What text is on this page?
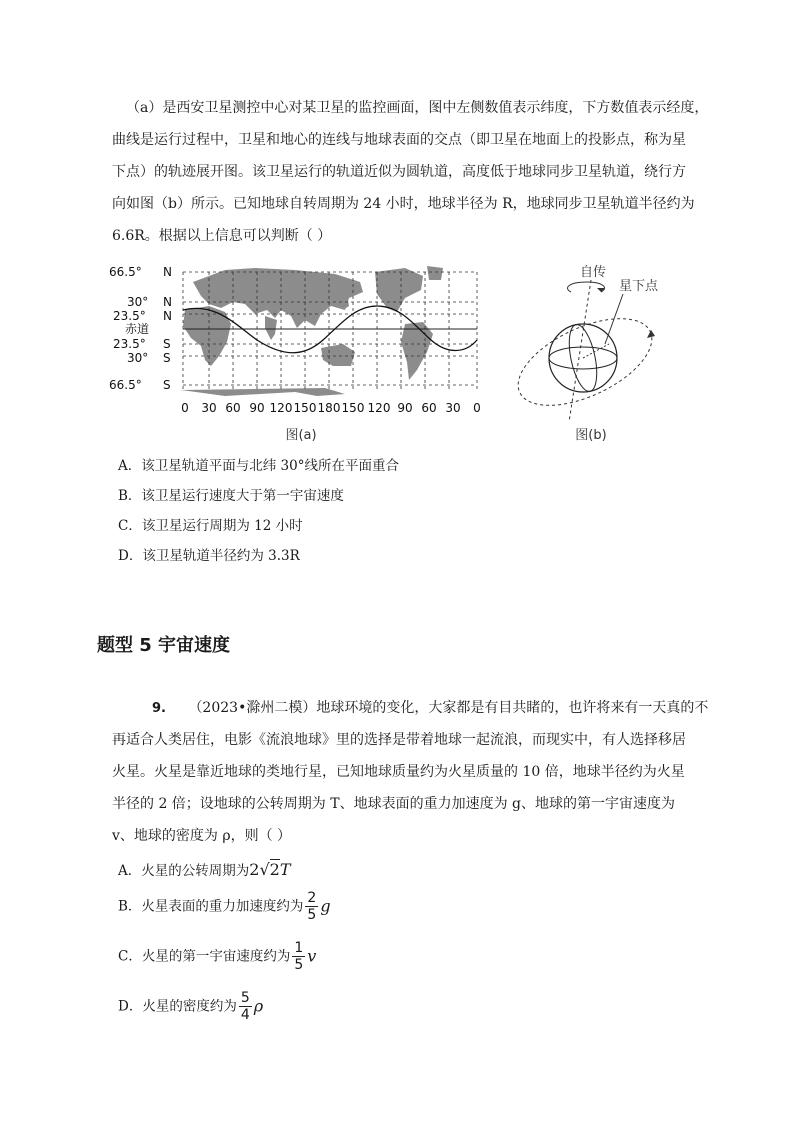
（a）是西安卫星测控中心对某卫星的监控画面，图中左侧数值表示纬度，下方数值表示经度，
曲线是运行过程中，卫星和地心的连线与地球表面的交点（即卫星在地面上的投影点，称为星
下点）的轨迹展开图。该卫星运行的轨道近似为圆轨道，高度低于地球同步卫星轨道，绕行方
向如图（b）所示。已知地球自转周期为 24 小时，地球半径为 R，地球同步卫星轨道半径约为
6.6R。根据以上信息可以判断（ ）
66.5° N
30° N
23.5° N
赤道
23.5° S
30° S
66.5° S
0 30 60 90 120 150 180 150 120 90 60 30 0
图(a)
自传
星下点
图(b)
A．该卫星轨道平面与北纬 30°线所在平面重合
B．该卫星运行速度大于第一宇宙速度
C．该卫星运行周期为 12 小时
D．该卫星轨道半径约为 3.3R
题型 5 宇宙速度
9. （2023•滁州二模）地球环境的变化，大家都是有目共睹的，也许将来有一天真的不
再适合人类居住，电影《流浪地球》里的选择是带着地球一起流浪，而现实中，有人选择移居
火星。火星是靠近地球的类地行星，已知地球质量约为火星质量的 10 倍，地球半径约为火星
半径的 2 倍；设地球的公转周期为 T、地球表面的重力加速度为 g、地球的第一宇宙速度为
v、地球的密度为 ρ，则（ ）
A．火星的公转周期为2√2T
B．火星表面的重力加速度约为 $\frac{2}{5}$ g
C．火星的第一宇宙速度约为 $\frac{1}{5}$ v
D．火星的密度约为 $\frac{5}{4}$ ρ
